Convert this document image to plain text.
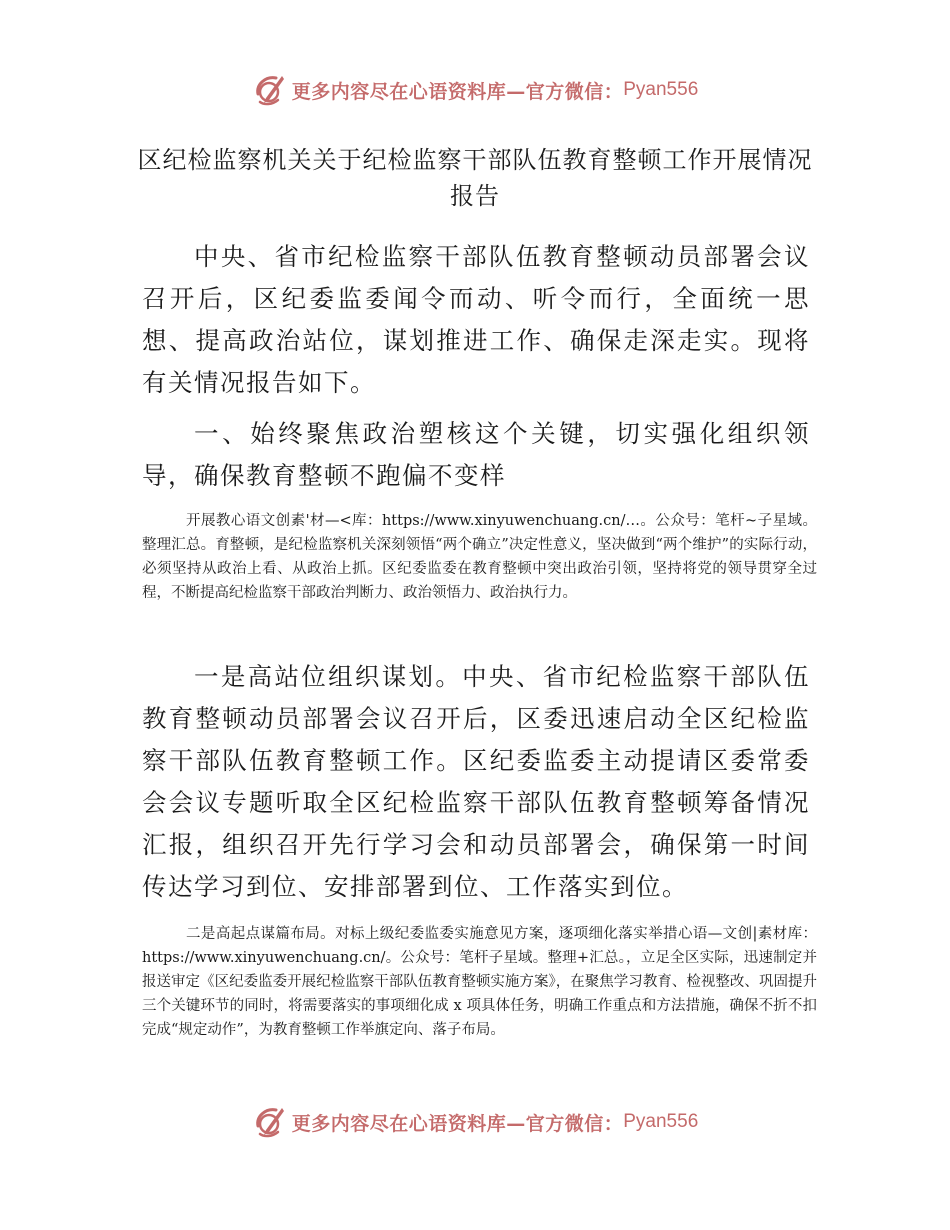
更多内容尽在心语资料库—官方微信： Pyan556
区纪检监察机关关于纪检监察干部队伍教育整顿工作开展情况
报告

中央、省市纪检监察干部队伍教育整顿动员部署会议召开后，区纪委监委闻令而动、听令而行，全面统一思想、提高政治站位，谋划推进工作、确保走深走实。现将有关情况报告如下。

一、始终聚焦政治塑核这个关键，切实强化组织领导，确保教育整顿不跑偏不变样

开展教心语文创素'材—<库：https://www.xinyuwenchuang.cn/…。公众号：笔杆~子星域。整理汇总。育整顿，是纪检监察机关深刻领悟“两个确立”决定性意义，坚决做到“两个维护”的实际行动，必须坚持从政治上看、从政治上抓。区纪委监委在教育整顿中突出政治引领，坚持将党的领导贯穿全过程，不断提高纪检监察干部政治判断力、政治领悟力、政治执行力。

一是高站位组织谋划。中央、省市纪检监察干部队伍教育整顿动员部署会议召开后，区委迅速启动全区纪检监察干部队伍教育整顿工作。区纪委监委主动提请区委常委会会议专题听取全区纪检监察干部队伍教育整顿筹备情况汇报，组织召开先行学习会和动员部署会，确保第一时间传达学习到位、安排部署到位、工作落实到位。

二是高起点谋篇布局。对标上级纪委监委实施意见方案，逐项细化落实举措心语—文创|素材库：https://www.xinyuwenchuang.cn/。公众号：笔杆子星域。整理+汇总。，立足全区实际，迅速制定并报送审定《区纪委监委开展纪检监察干部队伍教育整顿实施方案》，在聚焦学习教育、检视整改、巩固提升三个关键环节的同时，将需要落实的事项细化成 x 项具体任务，明确工作重点和方法措施，确保不折不扣完成“规定动作”，为教育整顿工作举旗定向、落子布局。

更多内容尽在心语资料库—官方微信： Pyan556
